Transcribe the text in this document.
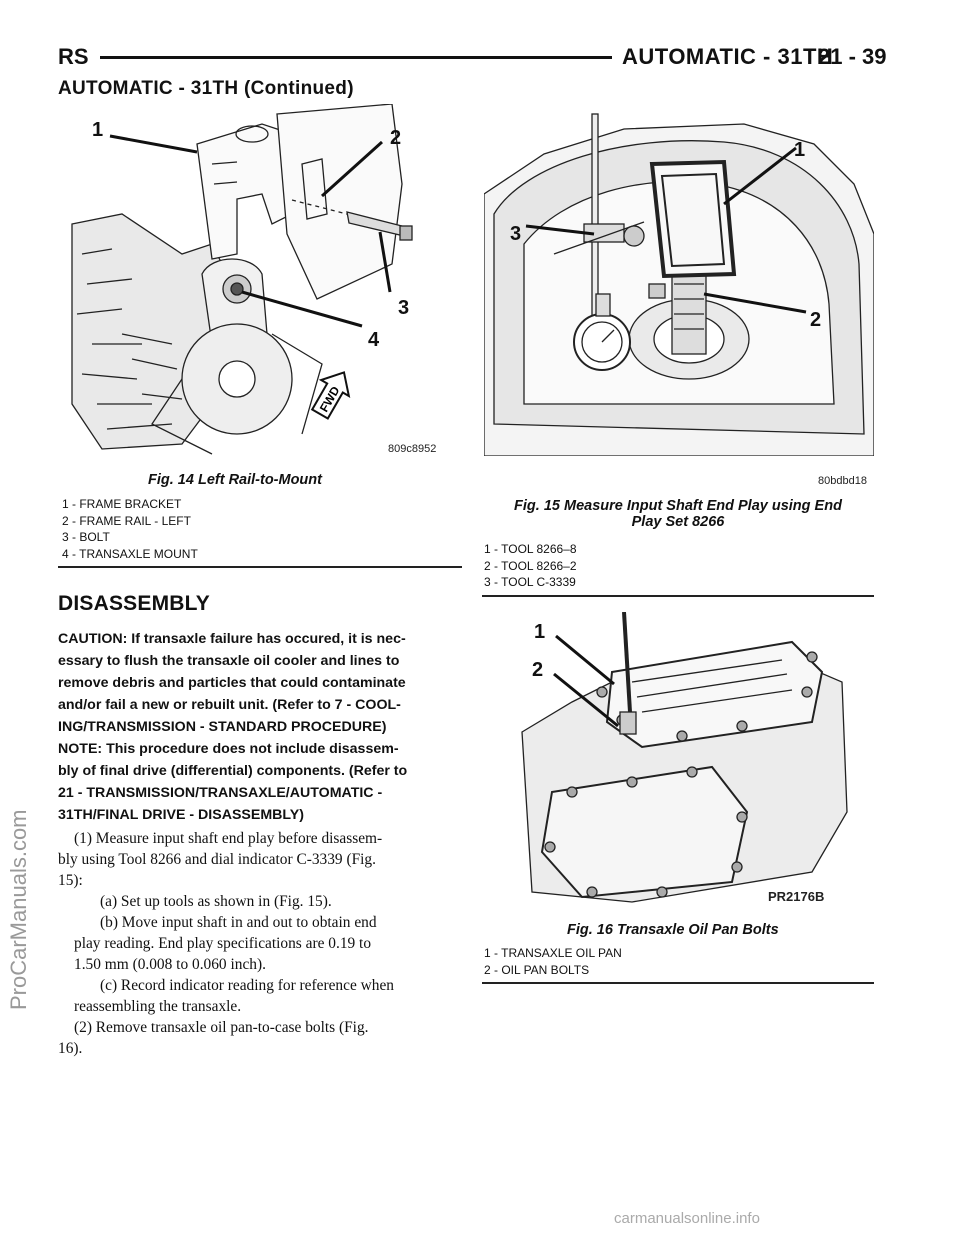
RS	AUTOMATIC - 31TH
21 - 39
AUTOMATIC - 31TH (Continued)
1	2
3
4
FWD
809c8952
Fig. 14 Left Rail-to-Mount
1 - FRAME BRACKET
2 - FRAME RAIL - LEFT
3 - BOLT
4 - TRANSAXLE MOUNT
1
2
3
80bdbd18
Fig. 15 Measure Input Shaft End Play using End
Play Set 8266
1 - TOOL 8266–8
2 - TOOL 8266–2
3 - TOOL C-3339
1
2
PR2176B
Fig. 16 Transaxle Oil Pan Bolts
1 - TRANSAXLE OIL PAN
2 - OIL PAN BOLTS
DISASSEMBLY
CAUTION: If transaxle failure has occured, it is nec-
essary to flush the transaxle oil cooler and lines to
remove debris and particles that could contaminate
and/or fail a new or rebuilt unit. (Refer to 7 - COOL-
ING/TRANSMISSION - STANDARD PROCEDURE)
NOTE: This procedure does not include disassem-
bly of final drive (differential) components. (Refer to
21 - TRANSMISSION/TRANSAXLE/AUTOMATIC -
31TH/FINAL DRIVE - DISASSEMBLY)
(1) Measure input shaft end play before disassem-
bly using Tool 8266 and dial indicator C-3339 (Fig.
15):
(a) Set up tools as shown in (Fig. 15).
(b) Move input shaft in and out to obtain end
play reading. End play specifications are 0.19 to
1.50 mm (0.008 to 0.060 inch).
(c) Record indicator reading for reference when
reassembling the transaxle.
(2) Remove transaxle oil pan-to-case bolts (Fig.
16).
ProCarManuals.com
carmanualsonline.info
